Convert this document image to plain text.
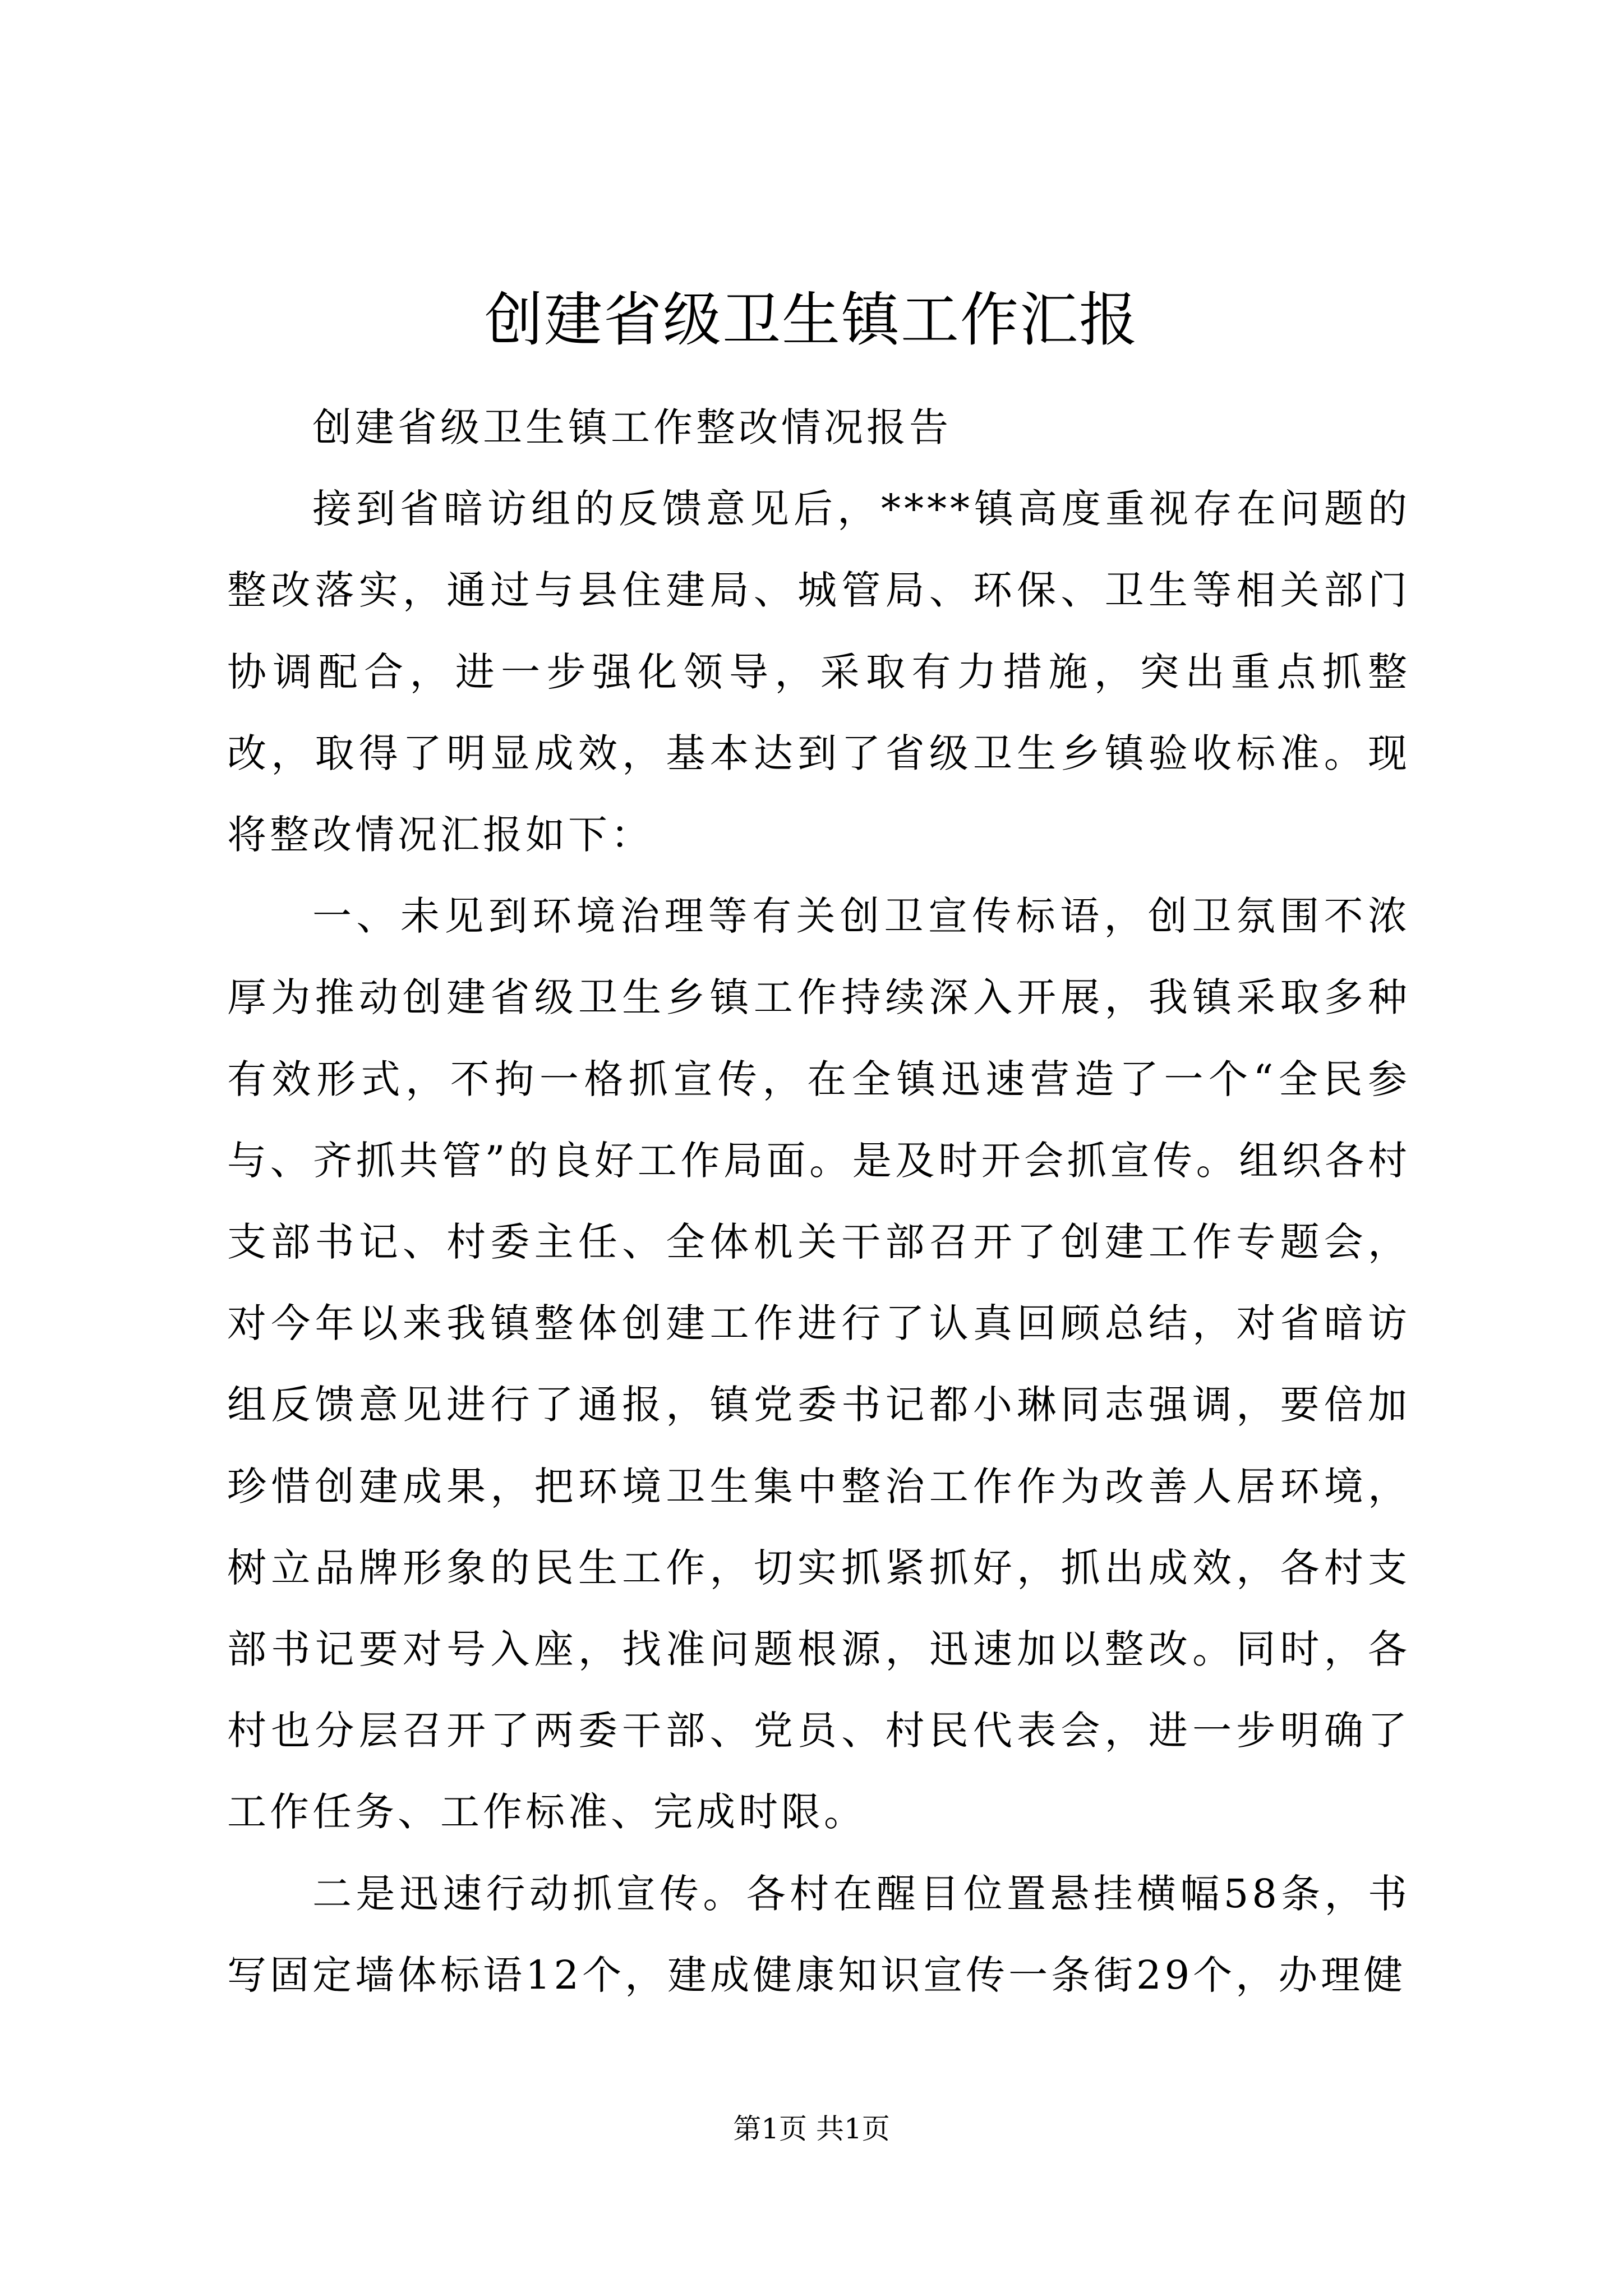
创建省级卫生镇工作汇报

创建省级卫生镇工作整改情况报告

接到省暗访组的反馈意见后，****镇高度重视存在问题的整改落实，通过与县住建局、城管局、环保、卫生等相关部门协调配合，进一步强化领导，采取有力措施，突出重点抓整改，取得了明显成效，基本达到了省级卫生乡镇验收标准。现将整改情况汇报如下：

一、未见到环境治理等有关创卫宣传标语，创卫氛围不浓厚为推动创建省级卫生乡镇工作持续深入开展，我镇采取多种有效形式，不拘一格抓宣传，在全镇迅速营造了一个“全民参与、齐抓共管”的良好工作局面。是及时开会抓宣传。组织各村支部书记、村委主任、全体机关干部召开了创建工作专题会，对今年以来我镇整体创建工作进行了认真回顾总结，对省暗访组反馈意见进行了通报，镇党委书记都小琳同志强调，要倍加珍惜创建成果，把环境卫生集中整治工作作为改善人居环境，树立品牌形象的民生工作，切实抓紧抓好，抓出成效，各村支部书记要对号入座，找准问题根源，迅速加以整改。同时，各村也分层召开了两委干部、党员、村民代表会，进一步明确了工作任务、工作标准、完成时限。

二是迅速行动抓宣传。各村在醒目位置悬挂横幅58条，书写固定墙体标语12个，建成健康知识宣传一条街29个，办理健

第1页 共1页
